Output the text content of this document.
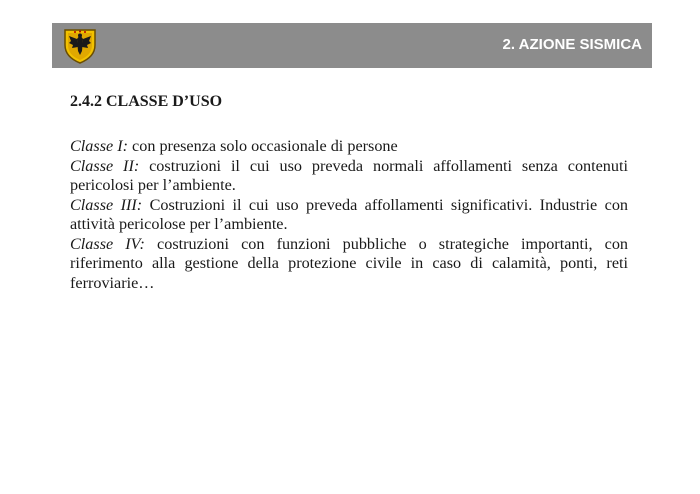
2. AZIONE SISMICA
2.4.2 CLASSE D’USO

Classe I: con presenza solo occasionale di persone

Classe II: costruzioni il cui uso preveda normali affollamenti senza contenuti pericolosi per l’ambiente.

Classe III: Costruzioni il cui uso preveda affollamenti significativi. Industrie con attività pericolose per l’ambiente.

Classe IV: costruzioni con funzioni pubbliche o strategiche importanti, con riferimento alla gestione della protezione civile in caso di calamità, ponti, reti ferroviarie…
